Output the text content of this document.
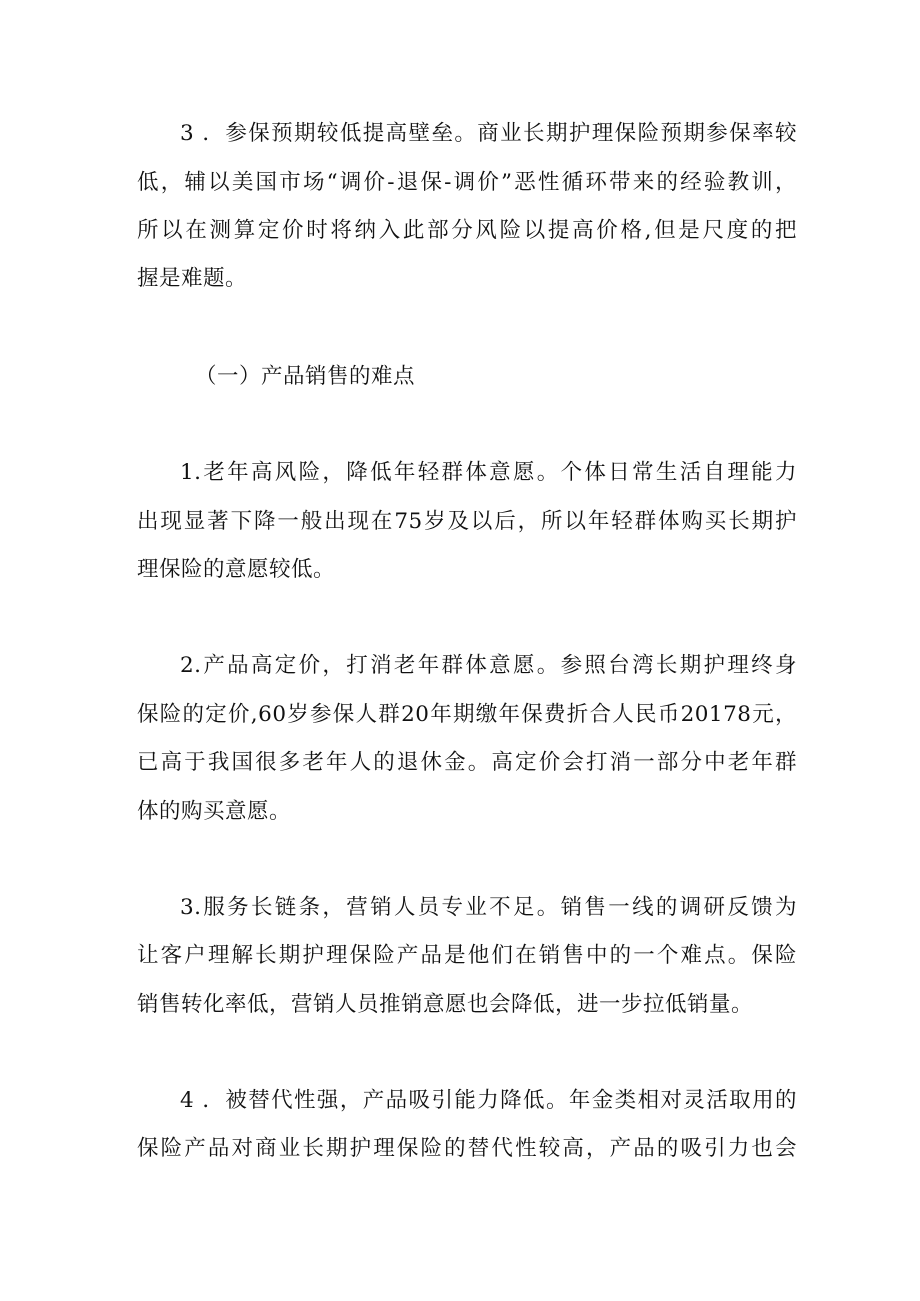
3 ．参保预期较低提高壁垒。商业长期护理保险预期参保率较
低，辅以美国市场“调价-退保-调价”恶性循环带来的经验教训，
所以在测算定价时将纳入此部分风险以提高价格,但是尺度的把
握是难题。
（一）产品销售的难点
1.老年高风险，降低年轻群体意愿。个体日常生活自理能力
出现显著下降一般出现在75岁及以后，所以年轻群体购买长期护
理保险的意愿较低。
2.产品高定价，打消老年群体意愿。参照台湾长期护理终身
保险的定价,60岁参保人群20年期缴年保费折合人民币20178元，
已高于我国很多老年人的退休金。高定价会打消一部分中老年群
体的购买意愿。
3.服务长链条，营销人员专业不足。销售一线的调研反馈为
让客户理解长期护理保险产品是他们在销售中的一个难点。保险
销售转化率低，营销人员推销意愿也会降低，进一步拉低销量。
4 ．被替代性强，产品吸引能力降低。年金类相对灵活取用的
保险产品对商业长期护理保险的替代性较高，产品的吸引力也会
